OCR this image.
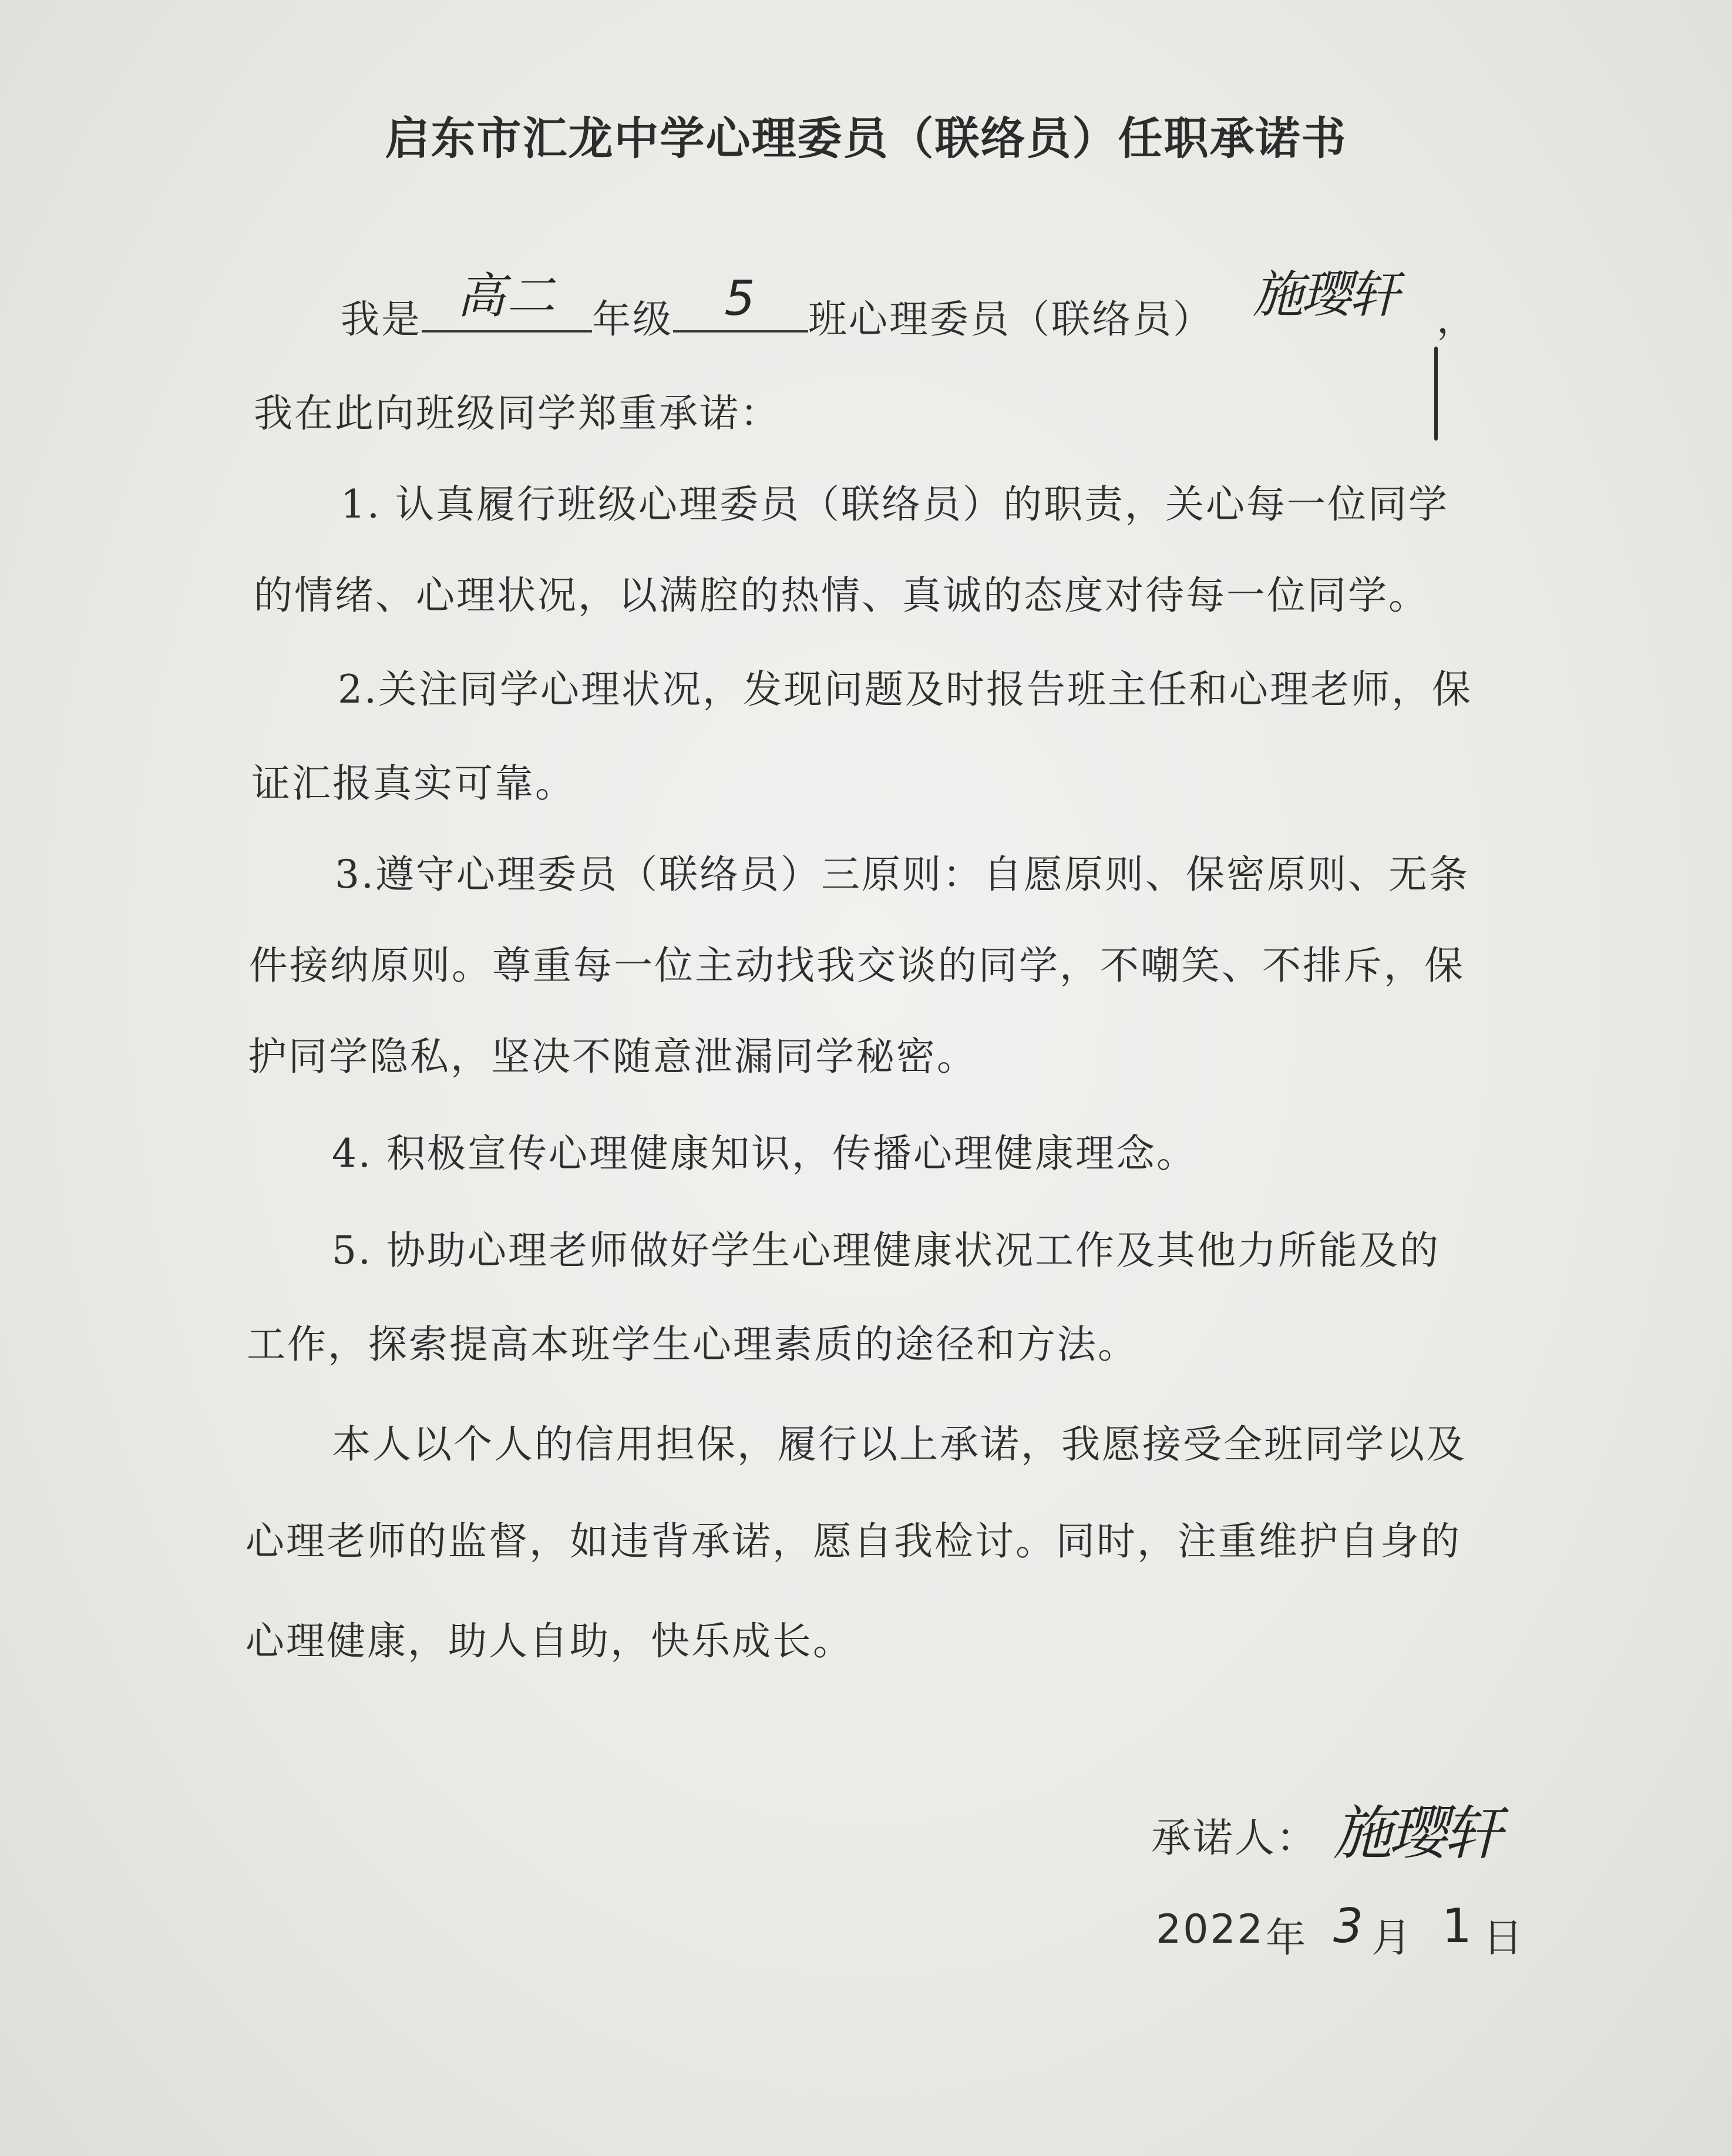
启东市汇龙中学心理委员（联络员）任职承诺书
我是 高二 年级	5	班心理委员（联络员） 施璎轩	，
我在此向班级同学郑重承诺：
1. 认真履行班级心理委员（联络员）的职责，关心每一位同学
的情绪、心理状况，以满腔的热情、真诚的态度对待每一位同学。
2.关注同学心理状况，发现问题及时报告班主任和心理老师，保
证汇报真实可靠。
3.遵守心理委员（联络员）三原则：自愿原则、保密原则、无条
件接纳原则。尊重每一位主动找我交谈的同学，不嘲笑、不排斥，保
护同学隐私，坚决不随意泄漏同学秘密。
4. 积极宣传心理健康知识，传播心理健康理念。
5. 协助心理老师做好学生心理健康状况工作及其他力所能及的
工作，探索提高本班学生心理素质的途径和方法。
本人以个人的信用担保，履行以上承诺，我愿接受全班同学以及
心理老师的监督，如违背承诺，愿自我检讨。同时，注重维护自身的
心理健康，助人自助，快乐成长。
承诺人： 施璎轩
2022 年 3 月 1 日
